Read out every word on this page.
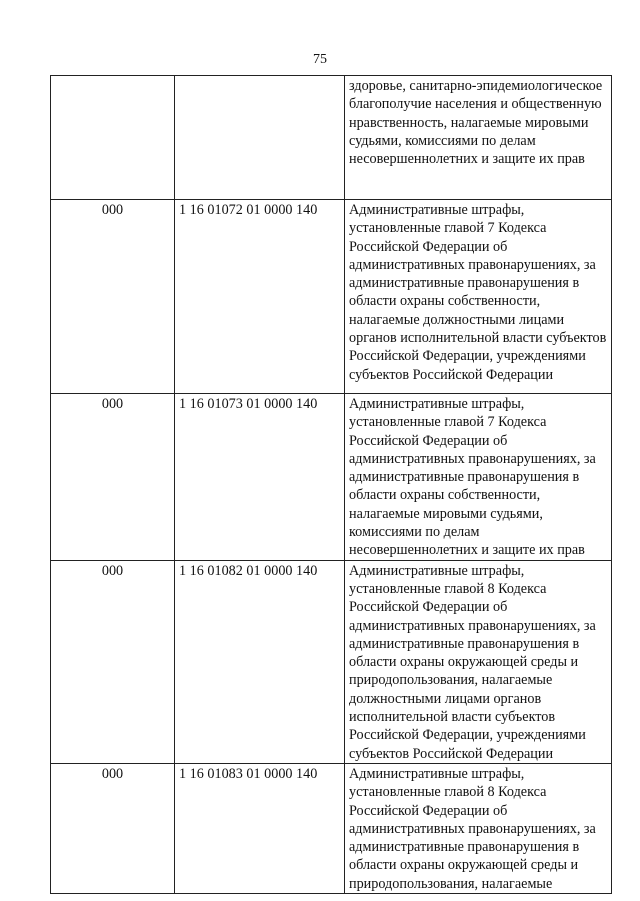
75
		здоровье, санитарно-эпидемиологическое благополучие населения и общественную нравственность, налагаемые мировыми судьями, комиссиями по делам несовершеннолетних и защите их прав
000	1 16 01072 01 0000 140	Административные штрафы, установленные главой 7 Кодекса Российской Федерации об административных правонарушениях, за административные правонарушения в области охраны собственности, налагаемые должностными лицами органов исполнительной власти субъектов Российской Федерации, учреждениями субъектов Российской Федерации
000	1 16 01073 01 0000 140	Административные штрафы, установленные главой 7 Кодекса Российской Федерации об административных правонарушениях, за административные правонарушения в области охраны собственности, налагаемые мировыми судьями, комиссиями по делам несовершеннолетних и защите их прав
000	1 16 01082 01 0000 140	Административные штрафы, установленные главой 8 Кодекса Российской Федерации об административных правонарушениях, за административные правонарушения в области охраны окружающей среды и природопользования, налагаемые должностными лицами органов исполнительной власти субъектов Российской Федерации, учреждениями субъектов Российской Федерации
000	1 16 01083 01 0000 140	Административные штрафы, установленные главой 8 Кодекса Российской Федерации об административных правонарушениях, за административные правонарушения в области охраны окружающей среды и природопользования, налагаемые
